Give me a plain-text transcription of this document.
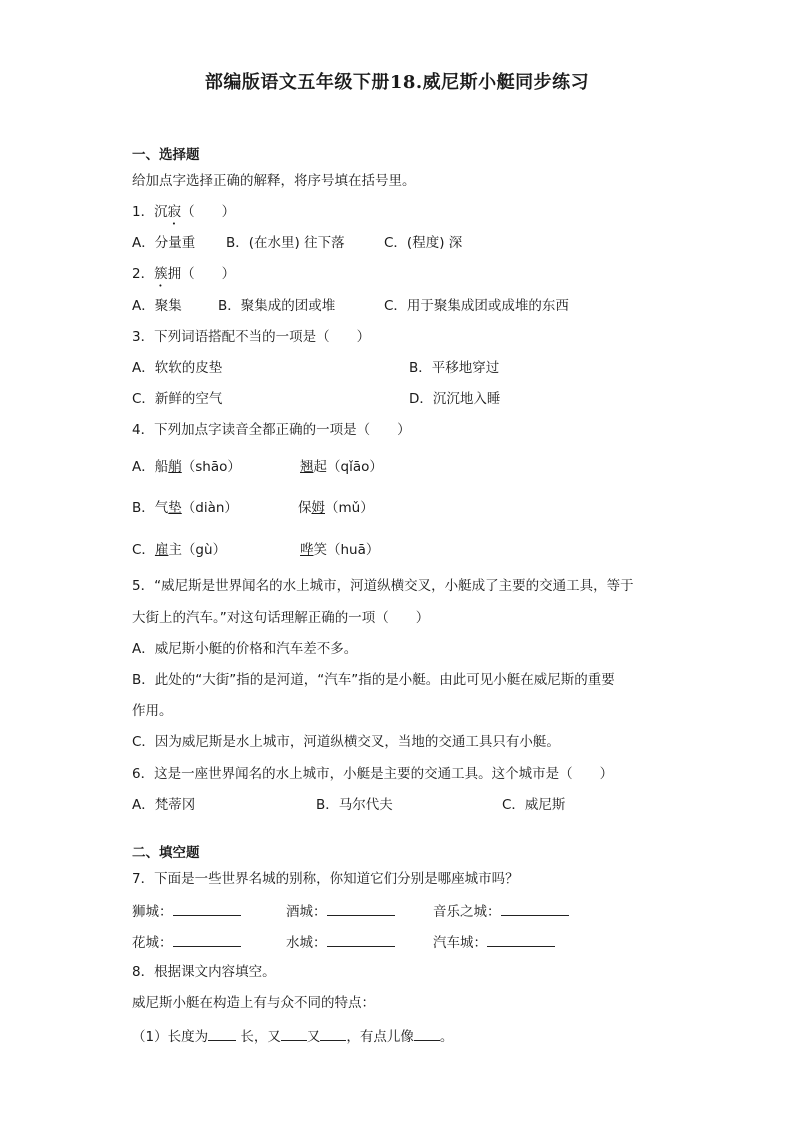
部编版语文五年级下册18.威尼斯小艇同步练习
一、选择题
给加点字选择正确的解释，将序号填在括号里。
1．沉寂（　　）
A．分量重 B．(在水里) 往下落	C．(程度) 深
2．簇拥（　　）
A．聚集	B．聚集成的团或堆	C．用于聚集成团或成堆的东西
3．下列词语搭配不当的一项是（　　）
A．软软的皮垫	B．平移地穿过
C．新鲜的空气	D．沉沉地入睡
4．下列加点字读音全都正确的一项是（　　）
A．船艄（shāo）	翘起（qǐāo）
B．气垫（diàn）	保姆（mǔ）
C．雇主（gù）	哗笑（huā）
5．“威尼斯是世界闻名的水上城市，河道纵横交叉，小艇成了主要的交通工具，等于
大街上的汽车。”对这句话理解正确的一项（　　）
A．威尼斯小艇的价格和汽车差不多。
B．此处的“大街”指的是河道，“汽车”指的是小艇。由此可见小艇在威尼斯的重要
作用。
C．因为威尼斯是水上城市，河道纵横交叉，当地的交通工具只有小艇。
6．这是一座世界闻名的水上城市，小艇是主要的交通工具。这个城市是（　　）
A．梵蒂冈	B．马尔代夫	C．威尼斯
二、填空题
7．下面是一些世界名城的别称，你知道它们分别是哪座城市吗？
狮城：	酒城：	音乐之城：
花城：	水城：	汽车城：
8．根据课文内容填空。
威尼斯小艇在构造上有与众不同的特点：
（1）长度为 长，又 又 ，有点儿像 。
